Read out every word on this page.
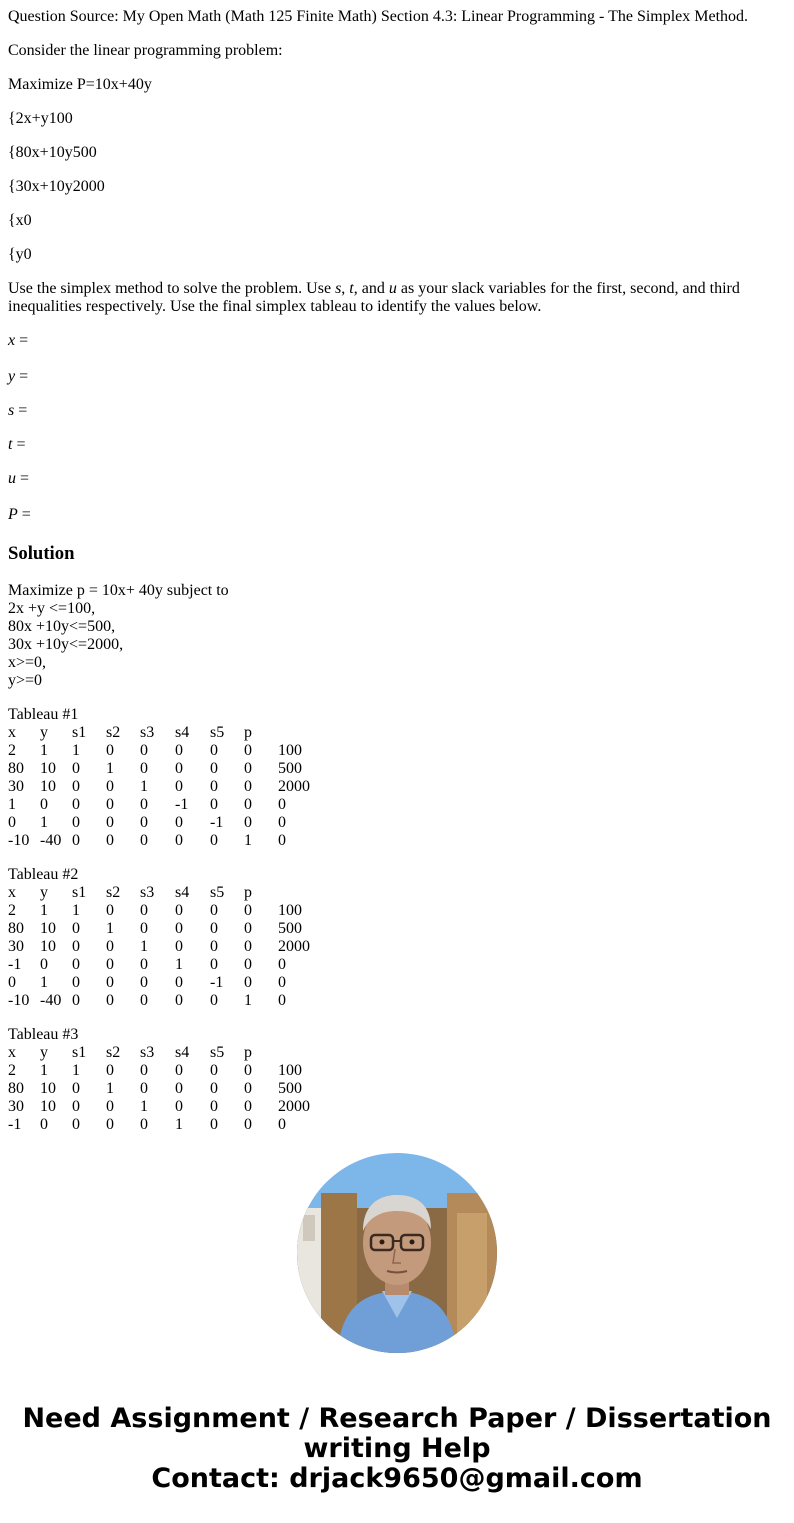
Question Source: My Open Math (Math 125 Finite Math) Section 4.3: Linear Programming - The Simplex Method.

Consider the linear programming problem:

Maximize P=10x+40y

{2x+y100

{80x+10y500

{30x+10y2000

{x0

{y0

Use the simplex method to solve the problem. Use s, t, and u as your slack variables for the first, second, and third inequalities respectively. Use the final simplex tableau to identify the values below.

x =

y =

s =

t =

u =

P =

Solution
Maximize p = 10x+ 40y subject to
2x +y <=100,
80x +10y<=500,
30x +10y<=2000,
x>=0,
y>=0
Tableau #1
x	y	s1	s2	s3	s4	s5	p
2	1	1	0	0	0	0	0	100
80	10	0	1	0	0	0	0	500
30	10	0	0	1	0	0	0	2000
1	0	0	0	0	-1	0	0	0
0	1	0	0	0	0	-1	0	0
-10 -40 0	0	0	0	0	1	0
Tableau #2
x	y	s1	s2	s3	s4	s5	p
2	1	1	0	0	0	0	0	100
80	10	0	1	0	0	0	0	500
30	10	0	0	1	0	0	0	2000
-1	0	0	0	0	1	0	0	0
0	1	0	0	0	0	-1	0	0
-10 -40 0	0	0	0	0	1	0
Tableau #3
x	y	s1	s2	s3	s4	s5	p
2	1	1	0	0	0	0	0	100
80	10	0	1	0	0	0	0	500
30	10	0	0	1	0	0	0	2000
-1	0	0	0	0	1	0	0	0
Need Assignment / Research Paper / Dissertation
writing Help
Contact: drjack9650@gmail.com
